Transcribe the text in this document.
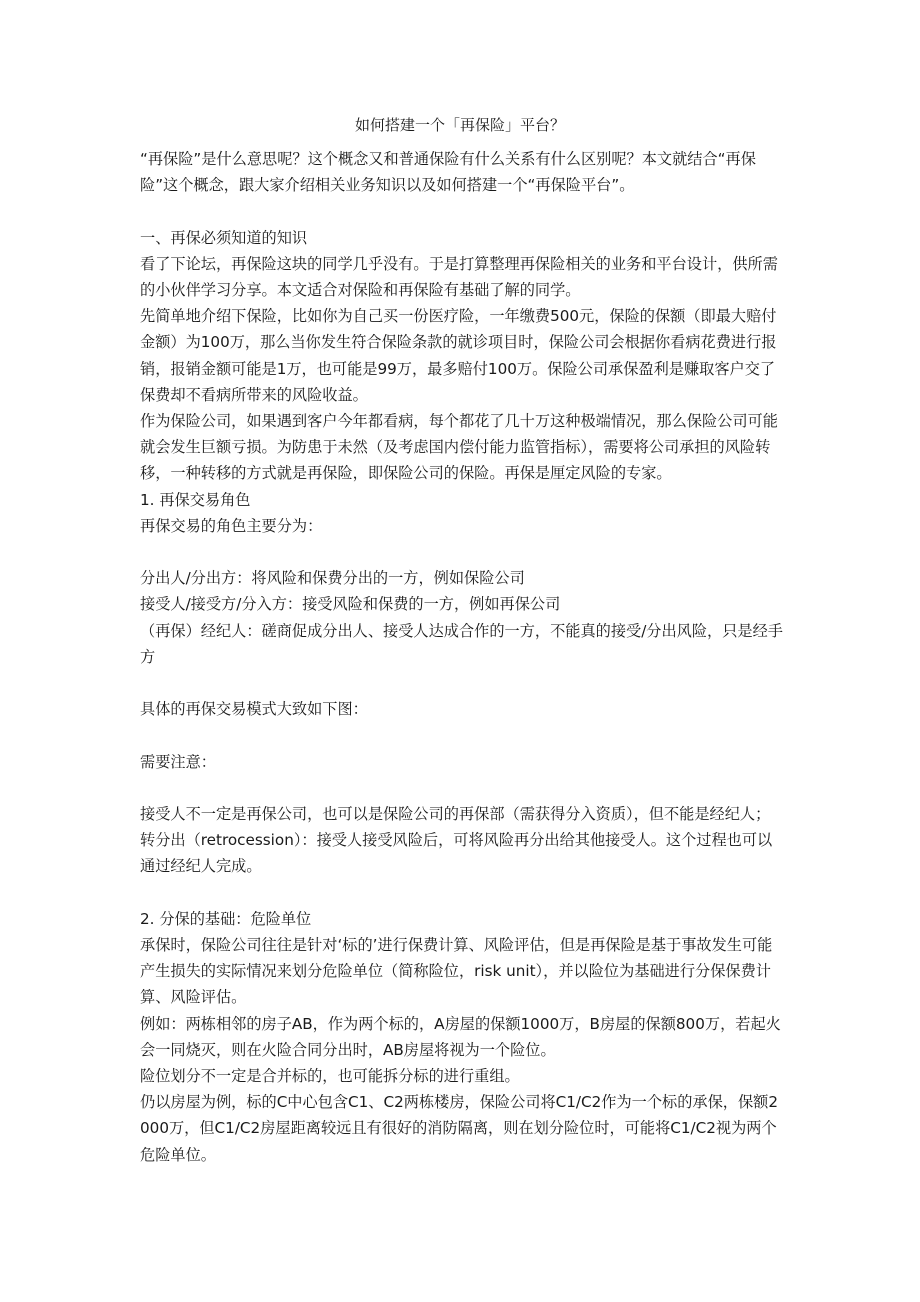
如何搭建一个「再保险」平台？

“再保险”是什么意思呢？这个概念又和普通保险有什么关系有什么区别呢？本文就结合“再保险”这个概念，跟大家介绍相关业务知识以及如何搭建一个“再保险平台”。

一、再保必须知道的知识

看了下论坛，再保险这块的同学几乎没有。于是打算整理再保险相关的业务和平台设计，供所需的小伙伴学习分享。本文适合对保险和再保险有基础了解的同学。

先简单地介绍下保险，比如你为自己买一份医疗险，一年缴费500元，保险的保额（即最大赔付金额）为100万，那么当你发生符合保险条款的就诊项目时，保险公司会根据你看病花费进行报销，报销金额可能是1万，也可能是99万，最多赔付100万。保险公司承保盈利是赚取客户交了保费却不看病所带来的风险收益。

作为保险公司，如果遇到客户今年都看病，每个都花了几十万这种极端情况，那么保险公司可能就会发生巨额亏损。为防患于未然（及考虑国内偿付能力监管指标），需要将公司承担的风险转移，一种转移的方式就是再保险，即保险公司的保险。再保是厘定风险的专家。

1. 再保交易角色

再保交易的角色主要分为：

分出人/分出方：将风险和保费分出的一方，例如保险公司

接受人/接受方/分入方：接受风险和保费的一方，例如再保公司

（再保）经纪人：磋商促成分出人、接受人达成合作的一方，不能真的接受/分出风险，只是经手方

具体的再保交易模式大致如下图：

需要注意：

接受人不一定是再保公司，也可以是保险公司的再保部（需获得分入资质），但不能是经纪人；

转分出（retrocession）：接受人接受风险后，可将风险再分出给其他接受人。这个过程也可以通过经纪人完成。

2. 分保的基础：危险单位

承保时，保险公司往往是针对‘标的’进行保费计算、风险评估，但是再保险是基于事故发生可能产生损失的实际情况来划分危险单位（简称险位，risk unit），并以险位为基础进行分保保费计算、风险评估。

例如：两栋相邻的房子AB，作为两个标的，A房屋的保额1000万，B房屋的保额800万，若起火会一同烧灭，则在火险合同分出时，AB房屋将视为一个险位。

险位划分不一定是合并标的，也可能拆分标的进行重组。

仍以房屋为例，标的C中心包含C1、C2两栋楼房，保险公司将C1/C2作为一个标的承保，保额2000万，但C1/C2房屋距离较远且有很好的消防隔离，则在划分险位时，可能将C1/C2视为两个危险单位。
